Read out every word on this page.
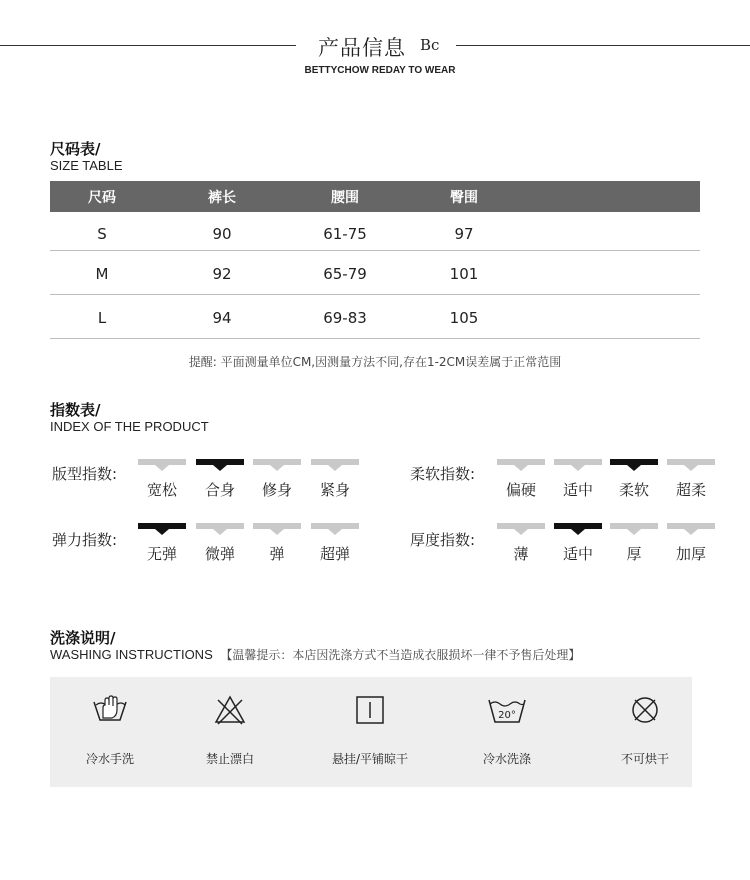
产品信息 Bc
BETTYCHOW REDAY TO WEAR
尺码表/
SIZE TABLE
尺码	裤长	腰围	臀围
S	90	61-75	97
M	92	65-79	101
L	94	69-83	105
提醒: 平面测量单位CM,因测量方法不同,存在1-2CM误差属于正常范围
指数表/
INDEX OF THE PRODUCT
版型指数:
宽松	合身	修身	紧身
柔软指数:
偏硬	适中	柔软	超柔
弹力指数:
无弹	微弹	弹	超弹
厚度指数:
薄	适中	厚	加厚
洗涤说明/
WASHING INSTRUCTIONS 【温馨提示：本店因洗涤方式不当造成衣服损坏一律不予售后处理】
冷水手洗	禁止漂白	悬挂/平铺晾干
20°
冷水洗涤	不可烘干
